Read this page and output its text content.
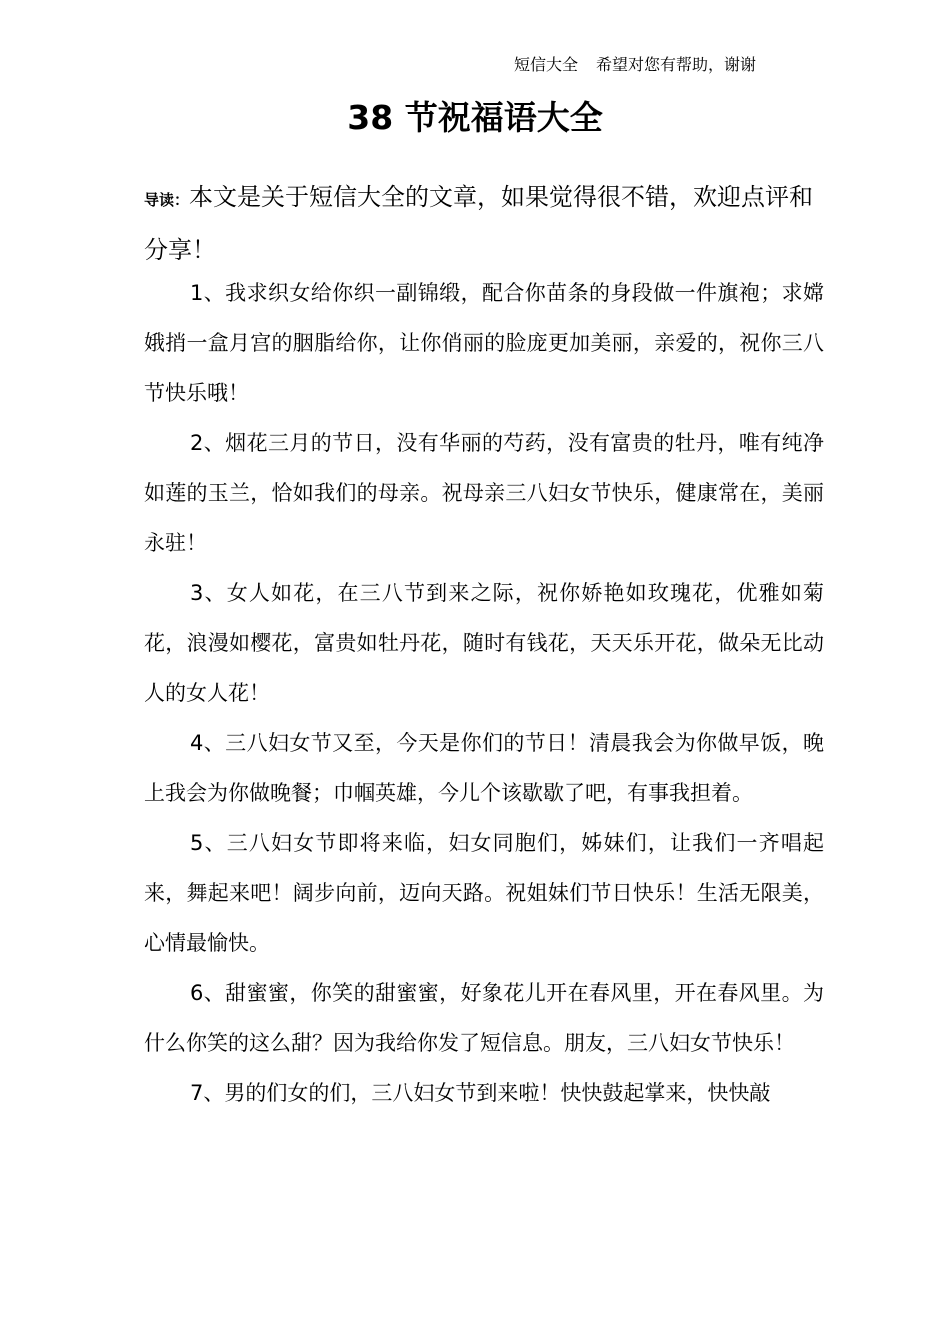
短信大全 希望对您有帮助，谢谢
38 节祝福语大全
导读：本文是关于短信大全的文章，如果觉得很不错，欢迎点评和分享！

1、我求织女给你织一副锦缎，配合你苗条的身段做一件旗袍；求嫦娥捎一盒月宫的胭脂给你，让你俏丽的脸庞更加美丽，亲爱的，祝你三八节快乐哦！

2、烟花三月的节日，没有华丽的芍药，没有富贵的牡丹，唯有纯净如莲的玉兰，恰如我们的母亲。祝母亲三八妇女节快乐，健康常在，美丽永驻！

3、女人如花，在三八节到来之际，祝你娇艳如玫瑰花，优雅如菊花，浪漫如樱花，富贵如牡丹花，随时有钱花，天天乐开花，做朵无比动人的女人花！

4、三八妇女节又至，今天是你们的节日！清晨我会为你做早饭，晚上我会为你做晚餐；巾帼英雄，今儿个该歇歇了吧，有事我担着。

5、三八妇女节即将来临，妇女同胞们，姊妹们，让我们一齐唱起来，舞起来吧！阔步向前，迈向天路。祝姐妹们节日快乐！生活无限美，心情最愉快。

6、甜蜜蜜，你笑的甜蜜蜜，好象花儿开在春风里，开在春风里。为什么你笑的这么甜？因为我给你发了短信息。朋友，三八妇女节快乐！

7、男的们女的们，三八妇女节到来啦！快快鼓起掌来，快快敲
